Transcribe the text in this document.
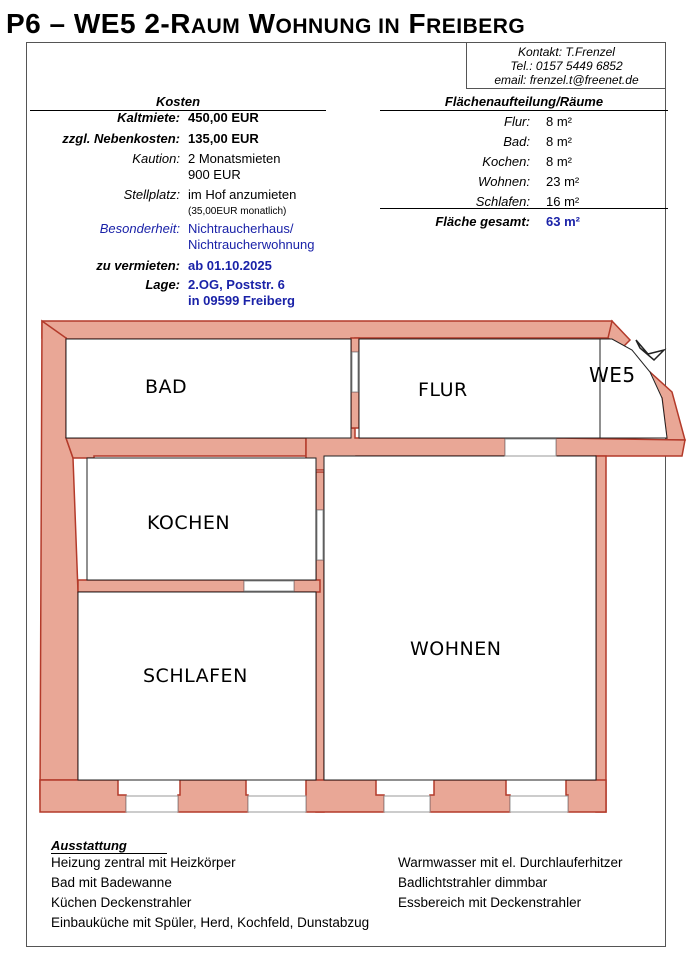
P6 – WE5 2-RAUM WOHNUNG IN FREIBERG
Kontakt: T.Frenzel
Tel.: 0157 5449 6852
email: frenzel.t@freenet.de
Kosten
Kaltmiete: 450,00 EUR
zzgl. Nebenkosten: 135,00 EUR
Kaution: 2 Monatsmieten
900 EUR
Stellplatz: im Hof anzumieten
(35,00EUR monatlich)
Besonderheit: Nichtraucherhaus/
Nichtraucherwohnung
zu vermieten: ab 01.10.2025
Lage: 2.OG, Poststr. 6
in 09599 Freiberg
Flächenaufteilung/Räume
Flur: 8 m²
Bad: 8 m²
Kochen: 8 m²
Wohnen: 23 m²
Schlafen: 16 m²
Fläche gesamt: 63 m²
BAD	FLUR
WE5
KOCHEN
WOHNEN
SCHLAFEN
Ausstattung
Heizung zentral mit Heizkörper
Bad mit Badewanne
Küchen Deckenstrahler
Einbauküche mit Spüler, Herd, Kochfeld, Dunstabzug
Warmwasser mit el. Durchlauferhitzer
Badlichtstrahler dimmbar
Essbereich mit Deckenstrahler
